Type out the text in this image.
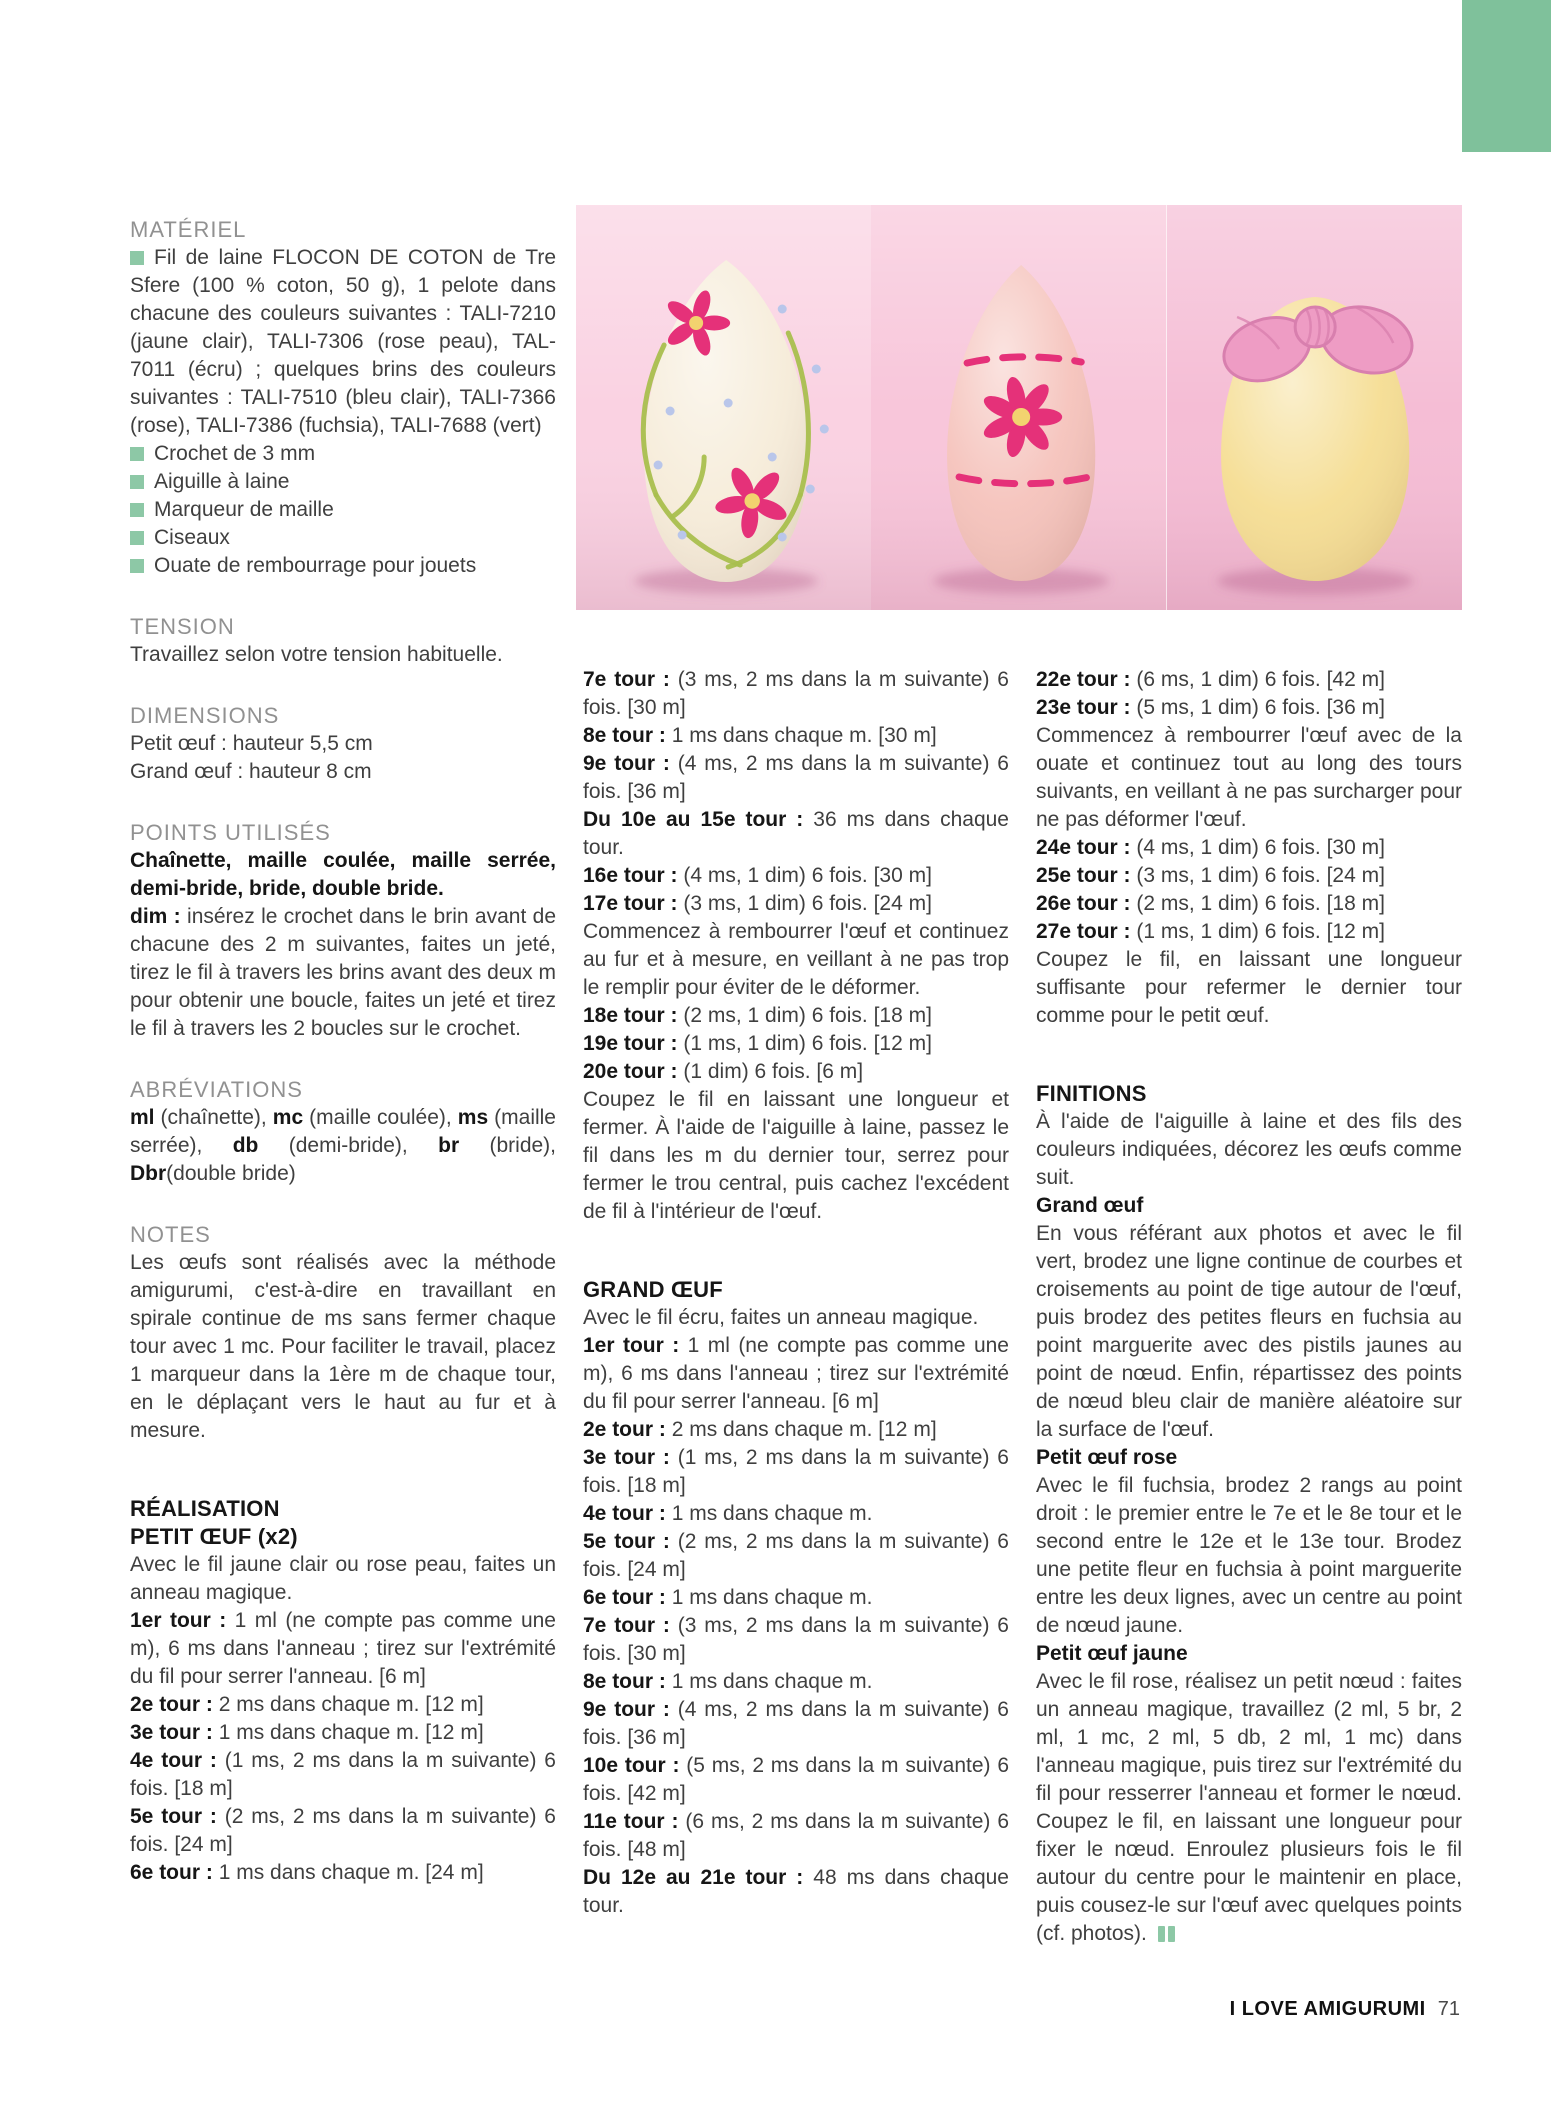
MATÉRIEL

Fil de laine FLOCON DE COTON de Tre Sfere (100 % coton, 50 g), 1 pelote dans chacune des couleurs suivantes : TALI-7210 (jaune clair), TALI-7306 (rose peau), TAL-7011 (écru) ; quelques brins des couleurs suivantes : TALI-7510 (bleu clair), TALI-7366 (rose), TALI-7386 (fuchsia), TALI-7688 (vert)

Crochet de 3 mm

Aiguille à laine

Marqueur de maille

Ciseaux

Ouate de rembourrage pour jouets

TENSION

Travaillez selon votre tension habituelle.

DIMENSIONS

Petit œuf : hauteur 5,5 cm

Grand œuf : hauteur 8 cm

POINTS UTILISÉS

Chaînette, maille coulée, maille serrée, demi-bride, bride, double bride.

dim : insérez le crochet dans le brin avant de chacune des 2 m suivantes, faites un jeté, tirez le fil à travers les brins avant des deux m pour obtenir une boucle, faites un jeté et tirez le fil à travers les 2 boucles sur le crochet.

ABRÉVIATIONS

ml (chaînette), mc (maille coulée), ms (maille serrée), db (demi-bride), br (bride), Dbr(double bride)

NOTES

Les œufs sont réalisés avec la méthode amigurumi, c'est-à-dire en travaillant en spirale continue de ms sans fermer chaque tour avec 1 mc. Pour faciliter le travail, placez 1 marqueur dans la 1ère m de chaque tour, en le déplaçant vers le haut au fur et à mesure.

RÉALISATION
PETIT ŒUF (x2)

Avec le fil jaune clair ou rose peau, faites un anneau magique.

1er tour : 1 ml (ne compte pas comme une m), 6 ms dans l'anneau ; tirez sur l'extrémité du fil pour serrer l'anneau. [6 m]

2e tour : 2 ms dans chaque m. [12 m]

3e tour : 1 ms dans chaque m. [12 m]

4e tour : (1 ms, 2 ms dans la m suivante) 6 fois. [18 m]

5e tour : (2 ms, 2 ms dans la m suivante) 6 fois. [24 m]

6e tour : 1 ms dans chaque m. [24 m]

7e tour : (3 ms, 2 ms dans la m suivante) 6 fois. [30 m]

8e tour : 1 ms dans chaque m. [30 m]

9e tour : (4 ms, 2 ms dans la m suivante) 6 fois. [36 m]

Du 10e au 15e tour : 36 ms dans chaque tour.

16e tour : (4 ms, 1 dim) 6 fois. [30 m]

17e tour : (3 ms, 1 dim) 6 fois. [24 m]

Commencez à rembourrer l'œuf et continuez au fur et à mesure, en veillant à ne pas trop le remplir pour éviter de le déformer.

18e tour : (2 ms, 1 dim) 6 fois. [18 m]

19e tour : (1 ms, 1 dim) 6 fois. [12 m]

20e tour : (1 dim) 6 fois. [6 m]

Coupez le fil en laissant une longueur et fermer. À l'aide de l'aiguille à laine, passez le fil dans les m du dernier tour, serrez pour fermer le trou central, puis cachez l'excédent de fil à l'intérieur de l'œuf.

GRAND ŒUF

Avec le fil écru, faites un anneau magique.

1er tour : 1 ml (ne compte pas comme une m), 6 ms dans l'anneau ; tirez sur l'extrémité du fil pour serrer l'anneau. [6 m]

2e tour : 2 ms dans chaque m. [12 m]

3e tour : (1 ms, 2 ms dans la m suivante) 6 fois. [18 m]

4e tour : 1 ms dans chaque m.

5e tour : (2 ms, 2 ms dans la m suivante) 6 fois. [24 m]

6e tour : 1 ms dans chaque m.

7e tour : (3 ms, 2 ms dans la m suivante) 6 fois. [30 m]

8e tour : 1 ms dans chaque m.

9e tour : (4 ms, 2 ms dans la m suivante) 6 fois. [36 m]

10e tour : (5 ms, 2 ms dans la m suivante) 6 fois. [42 m]

11e tour : (6 ms, 2 ms dans la m suivante) 6 fois. [48 m]

Du 12e au 21e tour : 48 ms dans chaque tour.

22e tour : (6 ms, 1 dim) 6 fois. [42 m]

23e tour : (5 ms, 1 dim) 6 fois. [36 m]

Commencez à rembourrer l'œuf avec de la ouate et continuez tout au long des tours suivants, en veillant à ne pas surcharger pour ne pas déformer l'œuf.

24e tour : (4 ms, 1 dim) 6 fois. [30 m]

25e tour : (3 ms, 1 dim) 6 fois. [24 m]

26e tour : (2 ms, 1 dim) 6 fois. [18 m]

27e tour : (1 ms, 1 dim) 6 fois. [12 m]

Coupez le fil, en laissant une longueur suffisante pour refermer le dernier tour comme pour le petit œuf.

FINITIONS

À l'aide de l'aiguille à laine et des fils des couleurs indiquées, décorez les œufs comme suit.

Grand œuf

En vous référant aux photos et avec le fil vert, brodez une ligne continue de courbes et croisements au point de tige autour de l'œuf, puis brodez des petites fleurs en fuchsia au point marguerite avec des pistils jaunes au point de nœud. Enfin, répartissez des points de nœud bleu clair de manière aléatoire sur la surface de l'œuf.

Petit œuf rose

Avec le fil fuchsia, brodez 2 rangs au point droit : le premier entre le 7e et le 8e tour et le second entre le 12e et le 13e tour. Brodez une petite fleur en fuchsia à point marguerite entre les deux lignes, avec un centre au point de nœud jaune.

Petit œuf jaune

Avec le fil rose, réalisez un petit nœud : faites un anneau magique, travaillez (2 ml, 5 br, 2 ml, 1 mc, 2 ml, 5 db, 2 ml, 1 mc) dans l'anneau magique, puis tirez sur l'extrémité du fil pour resserrer l'anneau et former le nœud. Coupez le fil, en laissant une longueur pour fixer le nœud. Enroulez plusieurs fois le fil autour du centre pour le maintenir en place, puis cousez-le sur l'œuf avec quelques points (cf. photos).

I LOVE AMIGURUMI 71
